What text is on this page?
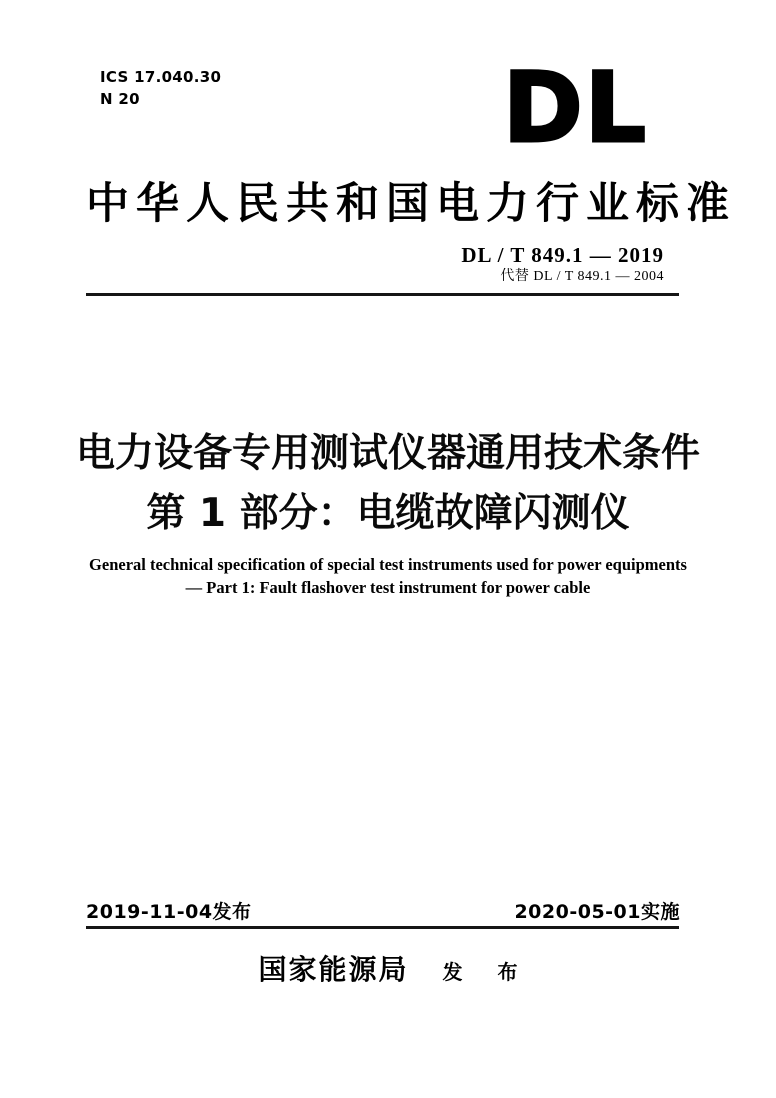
ICS 17.040.30
N 20	DL
中华人民共和国电力行业标准
DL / T 849.1 — 2019
代替 DL / T 849.1 — 2004
电力设备专用测试仪器通用技术条件
第 1 部分：电缆故障闪测仪
General technical specification of special test instruments used for power equipments
— Part 1: Fault flashover test instrument for power cable
2019-11-04发布	2020-05-01实施
国家能源局 发 布
